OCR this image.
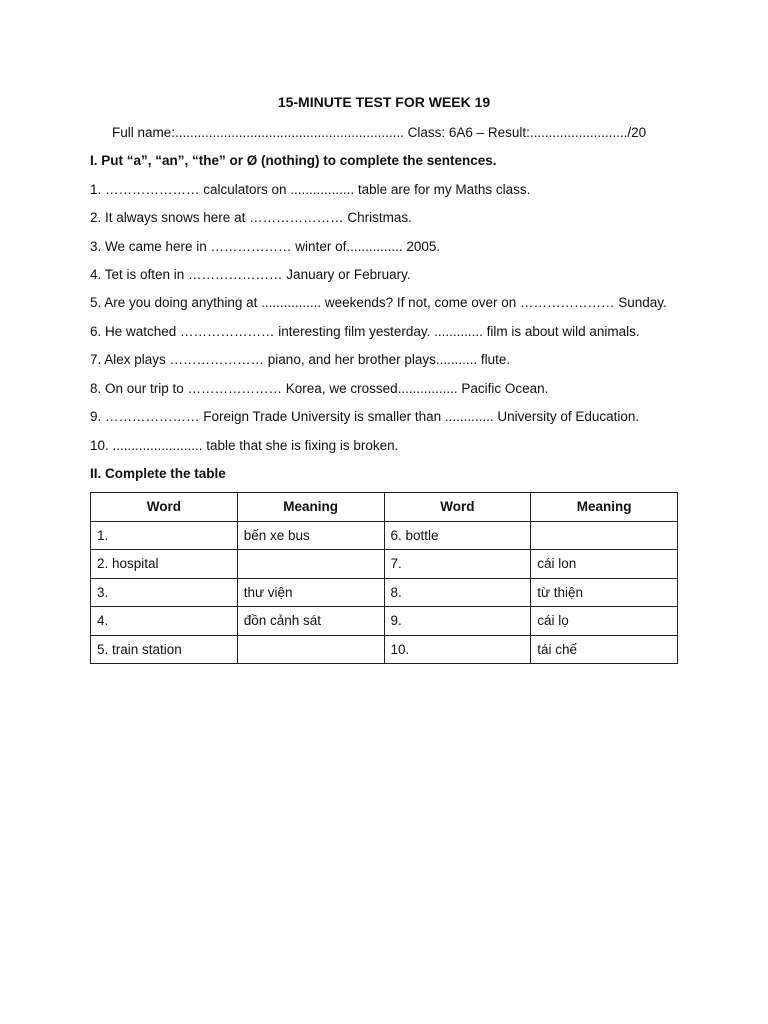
15-MINUTE TEST FOR WEEK 19
Full name:............................................................. Class: 6A6 – Result:........................../20
I. Put “a”, “an”, “the” or Ø (nothing) to complete the sentences.
1. ………………… calculators on ................. table are for my Maths class.
2. It always snows here at ………………… Christmas.
3. We came here in ……………… winter of............... 2005.
4. Tet is often in ………………… January or February.
5. Are you doing anything at ................ weekends? If not, come over on ………………… Sunday.
6. He watched ………………… interesting film yesterday. ............. film is about wild animals.
7. Alex plays ………………… piano, and her brother plays........... flute.
8. On our trip to ………………… Korea, we crossed................ Pacific Ocean.
9. ………………… Foreign Trade University is smaller than ............. University of Education.
10. ........................ table that she is fixing is broken.
II. Complete the table
Word	Meaning	Word	Meaning
1.	bến xe bus	6. bottle	
2. hospital		7.	cái lon
3.	thư viện	8.	từ thiện
4.	đồn cảnh sát	9.	cái lọ
5. train station		10.	tái chế
